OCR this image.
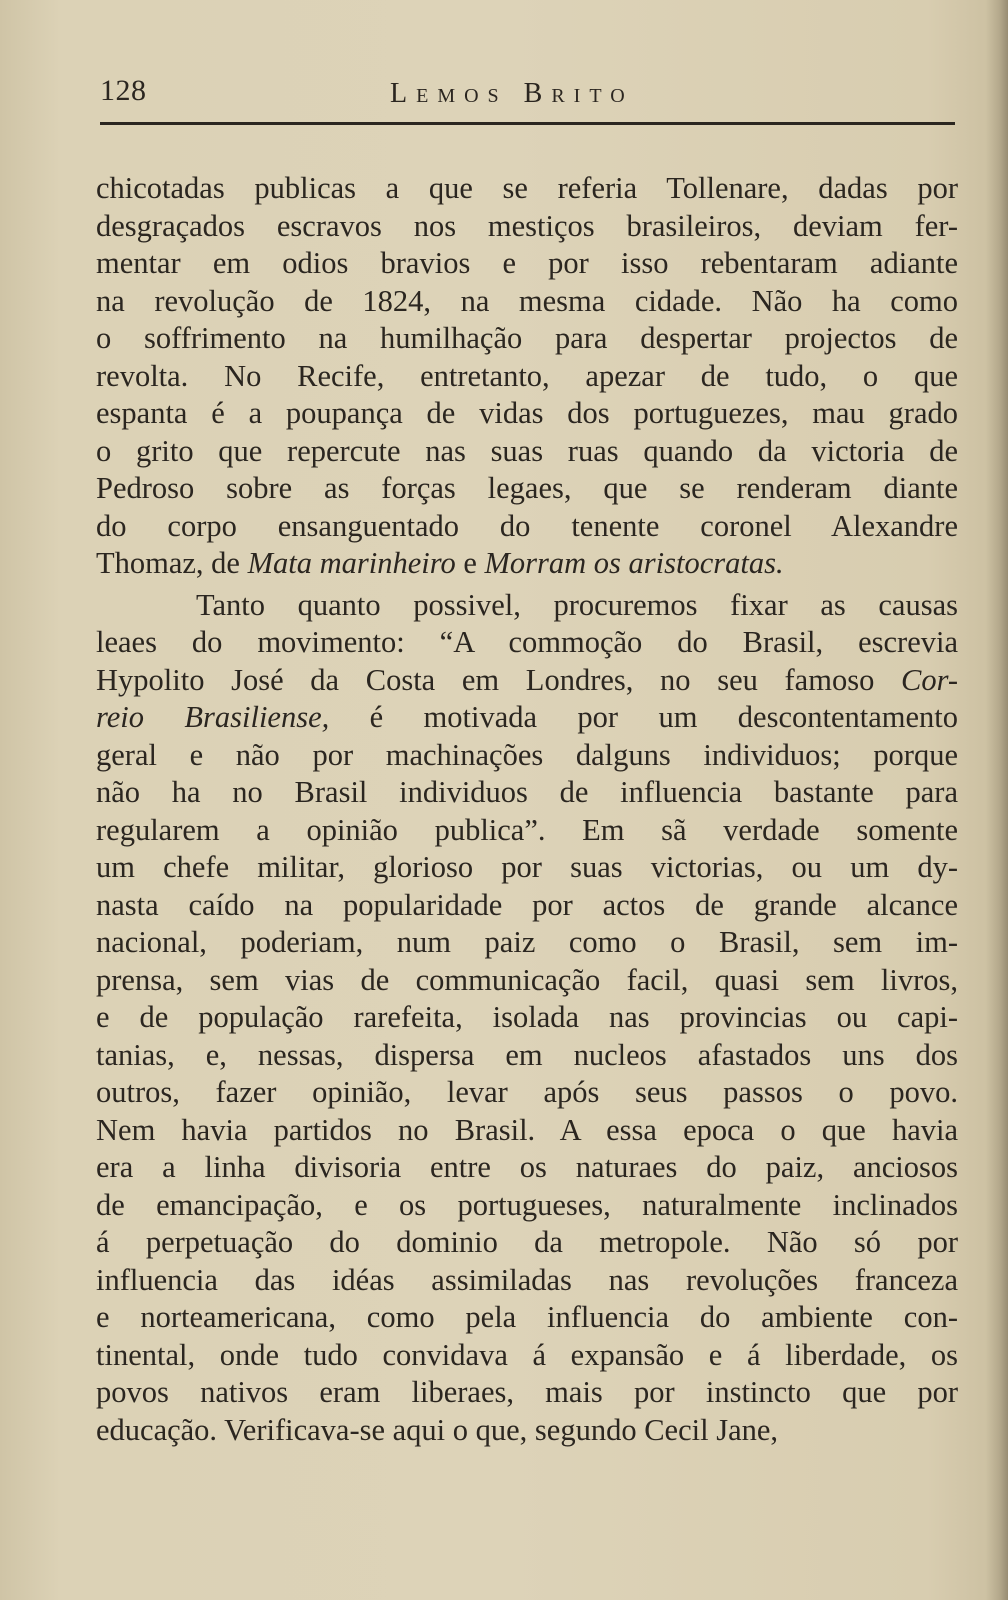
128	Lemos Brito
chicotadas publicas a que se referia Tollenare, dadas por
desgraçados escravos nos mestiços brasileiros, deviam fer-
mentar em odios bravios e por isso rebentaram adiante
na revolução de 1824, na mesma cidade. Não ha como
o soffrimento na humilhação para despertar projectos de
revolta. No Recife, entretanto, apezar de tudo, o que
espanta é a poupança de vidas dos portuguezes, mau grado
o grito que repercute nas suas ruas quando da victoria de
Pedroso sobre as forças legaes, que se renderam diante
do corpo ensanguentado do tenente coronel Alexandre
Thomaz, de Mata marinheiro e Morram os aristocratas.
Tanto quanto possivel, procuremos fixar as causas
leaes do movimento: “A commoção do Brasil, escrevia
Hypolito José da Costa em Londres, no seu famoso Cor-
reio Brasiliense, é motivada por um descontentamento
geral e não por machinações dalguns individuos; porque
não ha no Brasil individuos de influencia bastante para
regularem a opinião publica”. Em sã verdade somente
um chefe militar, glorioso por suas victorias, ou um dy-
nasta caído na popularidade por actos de grande alcance
nacional, poderiam, num paiz como o Brasil, sem im-
prensa, sem vias de communicação facil, quasi sem livros,
e de população rarefeita, isolada nas provincias ou capi-
tanias, e, nessas, dispersa em nucleos afastados uns dos
outros, fazer opinião, levar após seus passos o povo.
Nem havia partidos no Brasil. A essa epoca o que havia
era a linha divisoria entre os naturaes do paiz, anciosos
de emancipação, e os portugueses, naturalmente inclinados
á perpetuação do dominio da metropole. Não só por
influencia das idéas assimiladas nas revoluções franceza
e norteamericana, como pela influencia do ambiente con-
tinental, onde tudo convidava á expansão e á liberdade, os
povos nativos eram liberaes, mais por instincto que por
educação. Verificava-se aqui o que, segundo Cecil Jane,
